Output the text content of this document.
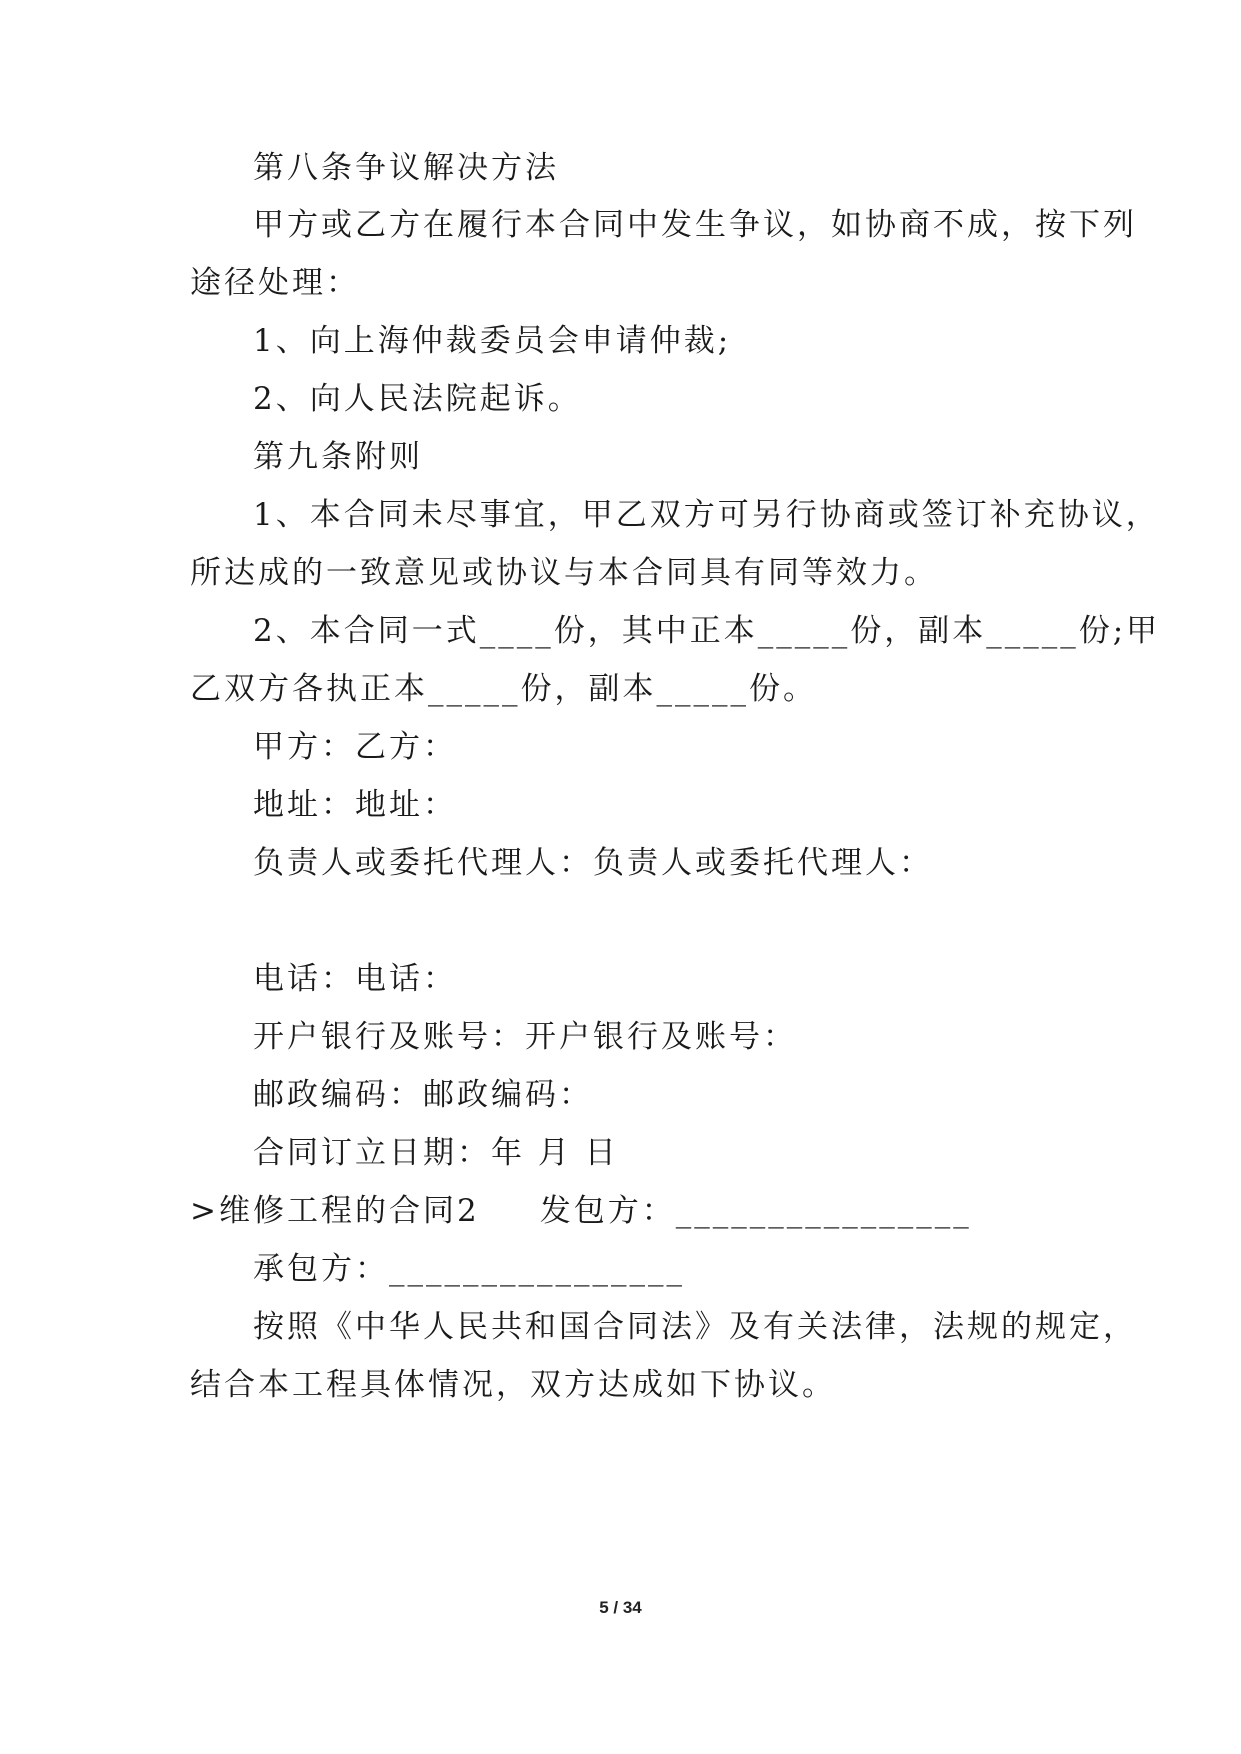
第八条争议解决方法
甲方或乙方在履行本合同中发生争议，如协商不成，按下列
途径处理：
1、向上海仲裁委员会申请仲裁;
2、向人民法院起诉。
第九条附则
1、本合同未尽事宜，甲乙双方可另行协商或签订补充协议，
所达成的一致意见或协议与本合同具有同等效力。
2、本合同一式____份，其中正本_____份，副本_____份;甲
乙双方各执正本_____份，副本_____份。
甲方：乙方：
地址：地址：
负责人或委托代理人：负责人或委托代理人：
电话：电话：
开户银行及账号：开户银行及账号：
邮政编码：邮政编码：
合同订立日期：年 月 日
>维修工程的合同2 发包方：________________
承包方：________________
按照《中华人民共和国合同法》及有关法律，法规的规定，
结合本工程具体情况，双方达成如下协议。
5 / 34
